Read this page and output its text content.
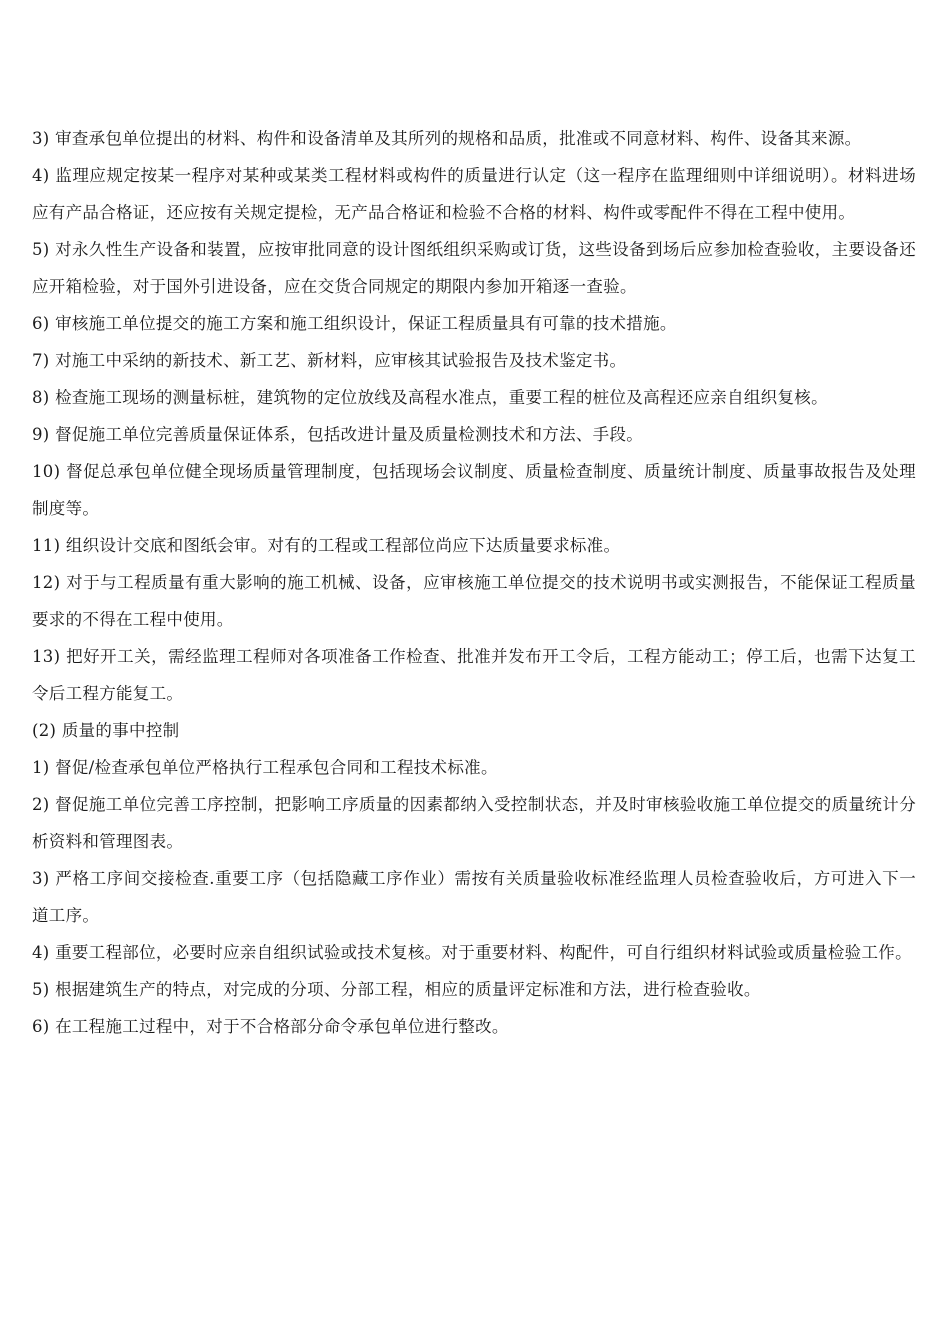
3) 审查承包单位提出的材料、构件和设备清单及其所列的规格和品质，批准或不同意材料、构件、设备其来源。

4) 监理应规定按某一程序对某种或某类工程材料或构件的质量进行认定（这一程序在监理细则中详细说明）。材料进场应有产品合格证，还应按有关规定提检，无产品合格证和检验不合格的材料、构件或零配件不得在工程中使用。

5) 对永久性生产设备和装置，应按审批同意的设计图纸组织采购或订货，这些设备到场后应参加检查验收，主要设备还应开箱检验，对于国外引进设备，应在交货合同规定的期限内参加开箱逐一查验。

6) 审核施工单位提交的施工方案和施工组织设计，保证工程质量具有可靠的技术措施。

7) 对施工中采纳的新技术、新工艺、新材料，应审核其试验报告及技术鉴定书。

8) 检查施工现场的测量标桩，建筑物的定位放线及高程水准点，重要工程的桩位及高程还应亲自组织复核。

9) 督促施工单位完善质量保证体系，包括改进计量及质量检测技术和方法、手段。

10) 督促总承包单位健全现场质量管理制度，包括现场会议制度、质量检查制度、质量统计制度、质量事故报告及处理制度等。

11) 组织设计交底和图纸会审。对有的工程或工程部位尚应下达质量要求标准。

12) 对于与工程质量有重大影响的施工机械、设备，应审核施工单位提交的技术说明书或实测报告，不能保证工程质量要求的不得在工程中使用。

13) 把好开工关，需经监理工程师对各项准备工作检查、批准并发布开工令后，工程方能动工；停工后，也需下达复工令后工程方能复工。

(2) 质量的事中控制

1) 督促/检查承包单位严格执行工程承包合同和工程技术标准。

2) 督促施工单位完善工序控制，把影响工序质量的因素都纳入受控制状态，并及时审核验收施工单位提交的质量统计分析资料和管理图表。

3) 严格工序间交接检查.重要工序（包括隐藏工序作业）需按有关质量验收标准经监理人员检查验收后，方可进入下一道工序。

4) 重要工程部位，必要时应亲自组织试验或技术复核。对于重要材料、构配件，可自行组织材料试验或质量检验工作。

5) 根据建筑生产的特点，对完成的分项、分部工程，相应的质量评定标准和方法，进行检查验收。

6) 在工程施工过程中，对于不合格部分命令承包单位进行整改。
